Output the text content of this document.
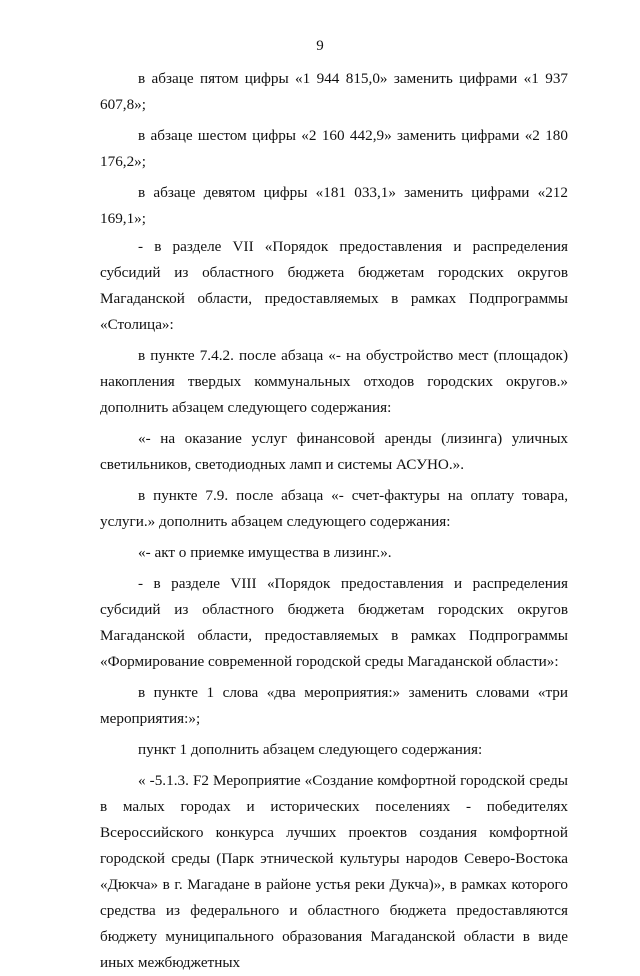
9

в абзаце пятом цифры «1 944 815,0» заменить цифрами «1 937 607,8»;

в абзаце шестом цифры «2 160 442,9» заменить цифрами «2 180 176,2»;

в абзаце девятом цифры «181 033,1» заменить цифрами «212 169,1»;

- в разделе VII «Порядок предоставления и распределения субсидий из областного бюджета бюджетам городских округов Магаданской области, предоставляемых в рамках Подпрограммы «Столица»:

в пункте 7.4.2. после абзаца «- на обустройство мест (площадок) накопления твердых коммунальных отходов городских округов.» дополнить абзацем следующего содержания:

«- на оказание услуг финансовой аренды (лизинга) уличных светильников, светодиодных ламп и системы АСУНО.».

в пункте 7.9. после абзаца «- счет-фактуры на оплату товара, услуги.» дополнить абзацем следующего содержания:

«- акт о приемке имущества в лизинг.».

- в разделе VIII «Порядок предоставления и распределения субсидий из областного бюджета бюджетам городских округов Магаданской области, предоставляемых в рамках Подпрограммы «Формирование современной городской среды Магаданской области»:

в пункте 1 слова «два мероприятия:» заменить словами «три мероприятия:»;

пункт 1 дополнить абзацем следующего содержания:

« -5.1.3. F2 Мероприятие «Создание комфортной городской среды в малых городах и исторических поселениях - победителях Всероссийского конкурса лучших проектов создания комфортной городской среды (Парк этнической культуры народов Северо-Востока «Дюкча» в г. Магадане в районе устья реки Дукча)», в рамках которого средства из федерального и областного бюджета предоставляются бюджету муниципального образования Магаданской области в виде иных межбюджетных
